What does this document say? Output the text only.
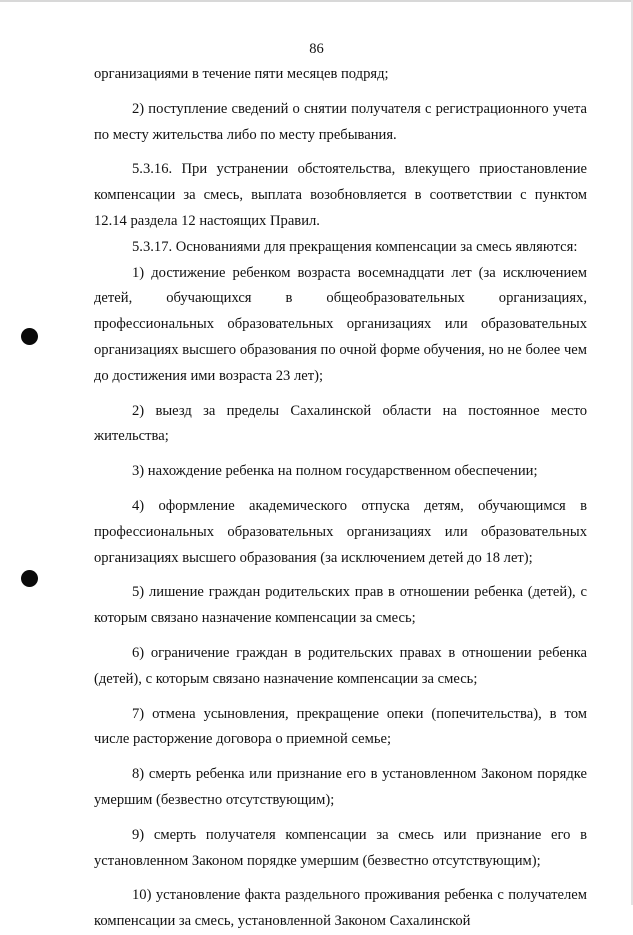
86

организациями в течение пяти месяцев подряд;

2) поступление сведений о снятии получателя с регистрационного учета по месту жительства либо по месту пребывания.

5.3.16. При устранении обстоятельства, влекущего приостановление компенсации за смесь, выплата возобновляется в соответствии с пунктом 12.14 раздела 12 настоящих Правил.

5.3.17. Основаниями для прекращения компенсации за смесь являются:

1) достижение ребенком возраста восемнадцати лет (за исключением детей, обучающихся в общеобразовательных организациях, профессиональных образовательных организациях или образовательных организациях высшего образования по очной форме обучения, но не более чем до достижения ими возраста 23 лет);

2) выезд за пределы Сахалинской области на постоянное место жительства;

3) нахождение ребенка на полном государственном обеспечении;

4) оформление академического отпуска детям, обучающимся в профессиональных образовательных организациях или образовательных организациях высшего образования (за исключением детей до 18 лет);

5) лишение граждан родительских прав в отношении ребенка (детей), с которым связано назначение компенсации за смесь;

6) ограничение граждан в родительских правах в отношении ребенка (детей), с которым связано назначение компенсации за смесь;

7) отмена усыновления, прекращение опеки (попечительства), в том числе расторжение договора о приемной семье;

8) смерть ребенка или признание его в установленном Законом порядке умершим (безвестно отсутствующим);

9) смерть получателя компенсации за смесь или признание его в установленном Законом порядке умершим (безвестно отсутствующим);

10) установление факта раздельного проживания ребенка с получателем компенсации за смесь, установленной Законом Сахалинской
